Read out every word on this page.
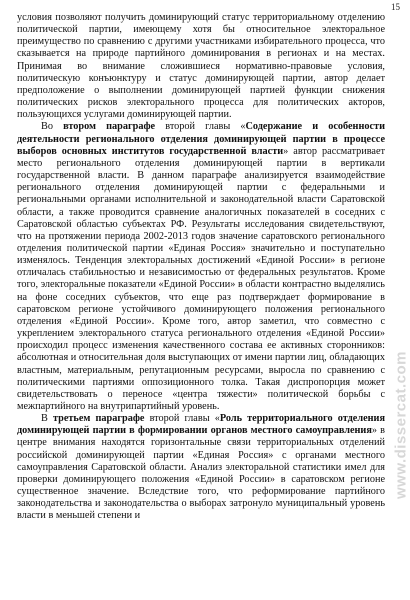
15

условия позволяют получить доминирующий статус территориальному отделению политической партии, имеющему хотя бы относительное электоральное преимущество по сравнению с другими участниками избирательного процесса, что сказывается на природе партийного доминирования в регионах и на местах. Принимая во внимание сложившиеся нормативно-правовые условия, политическую конъюнктуру и статус доминирующей партии, автор делает предположение о выполнении доминирующей партией функции снижения политических рисков электорального процесса для политических акторов, пользующихся услугами доминирующей партии.

Во втором параграфе второй главы «Содержание и особенности деятельности регионального отделения доминирующей партии в процессе выборов основных институтов государственной власти» автор рассматривает место регионального отделения доминирующей партии в вертикали государственной власти. В данном параграфе анализируется взаимодействие регионального отделения доминирующей партии с федеральными и региональными органами исполнительной и законодательной власти Саратовской области, а также проводится сравнение аналогичных показателей в соседних с Саратовской областью субъектах РФ. Результаты исследования свидетельствуют, что на протяжении периода 2002-2013 годов значение саратовского регионального отделения политической партии «Единая Россия» значительно и поступательно изменялось. Тенденция электоральных достижений «Единой России» в регионе отличалась стабильностью и независимостью от федеральных результатов. Кроме того, электоральные показатели «Единой России» в области контрастно выделялись на фоне соседних субъектов, что еще раз подтверждает формирование в саратовском регионе устойчивого доминирующего положения регионального отделения «Единой России». Кроме того, автор заметил, что совместно с укреплением электорального статуса регионального отделения «Единой России» происходил процесс изменения качественного состава ее активных сторонников: абсолютная и относительная доля выступающих от имени партии лиц, обладающих властным, материальным, репутационным ресурсами, выросла по сравнению с политическими партиями оппозиционного толка. Такая диспропорция может свидетельствовать о переносе «центра тяжести» политической борьбы с межпартийного на внутрипартийный уровень.

В третьем параграфе второй главы «Роль территориального отделения доминирующей партии в формировании органов местного самоуправления» в центре внимания находятся горизонтальные связи территориальных отделений российской доминирующей партии «Единая Россия» с органами местного самоуправления Саратовской области. Анализ электоральной статистики имел для проверки доминирующего положения «Единой России» в саратовском регионе существенное значение. Вследствие того, что реформирование партийного законодательства и законодательства о выборах затронуло муниципальный уровень власти в меньшей степени и

www.dissercat.com
